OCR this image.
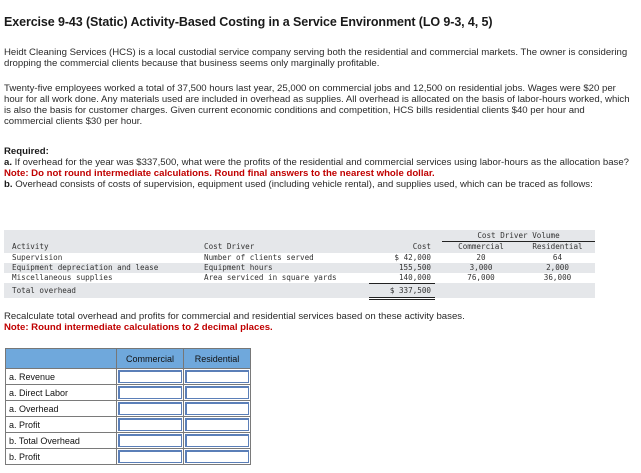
Exercise 9-43 (Static) Activity-Based Costing in a Service Environment (LO 9-3, 4, 5)
Heidt Cleaning Services (HCS) is a local custodial service company serving both the residential and commercial markets. The owner is considering dropping the commercial clients because that business seems only marginally profitable.
Twenty-five employees worked a total of 37,500 hours last year, 25,000 on commercial jobs and 12,500 on residential jobs. Wages were $20 per hour for all work done. Any materials used are included in overhead as supplies. All overhead is allocated on the basis of labor-hours worked, which is also the basis for customer charges. Given current economic conditions and competition, HCS bills residential clients $40 per hour and commercial clients $30 per hour.
Required:
a. If overhead for the year was $337,500, what were the profits of the residential and commercial services using labor-hours as the allocation base?
Note: Do not round intermediate calculations. Round final answers to the nearest whole dollar.
b. Overhead consists of costs of supervision, equipment used (including vehicle rental), and supplies used, which can be traced as follows:
Cost Driver Volume
Activity	Cost Driver	Cost	Commercial	Residential
Supervision	Number of clients served	$ 42,000	20	64
Equipment depreciation and lease	Equipment hours	155,500	3,000	2,000
Miscellaneous supplies	Area serviced in square yards	140,000	76,000	36,000
Total overhead	$ 337,500
Recalculate total overhead and profits for commercial and residential services based on these activity bases.
Note: Round intermediate calculations to 2 decimal places.
	Commercial	Residential
a. Revenue		
a. Direct Labor		
a. Overhead		
a. Profit		
b. Total Overhead		
b. Profit		
